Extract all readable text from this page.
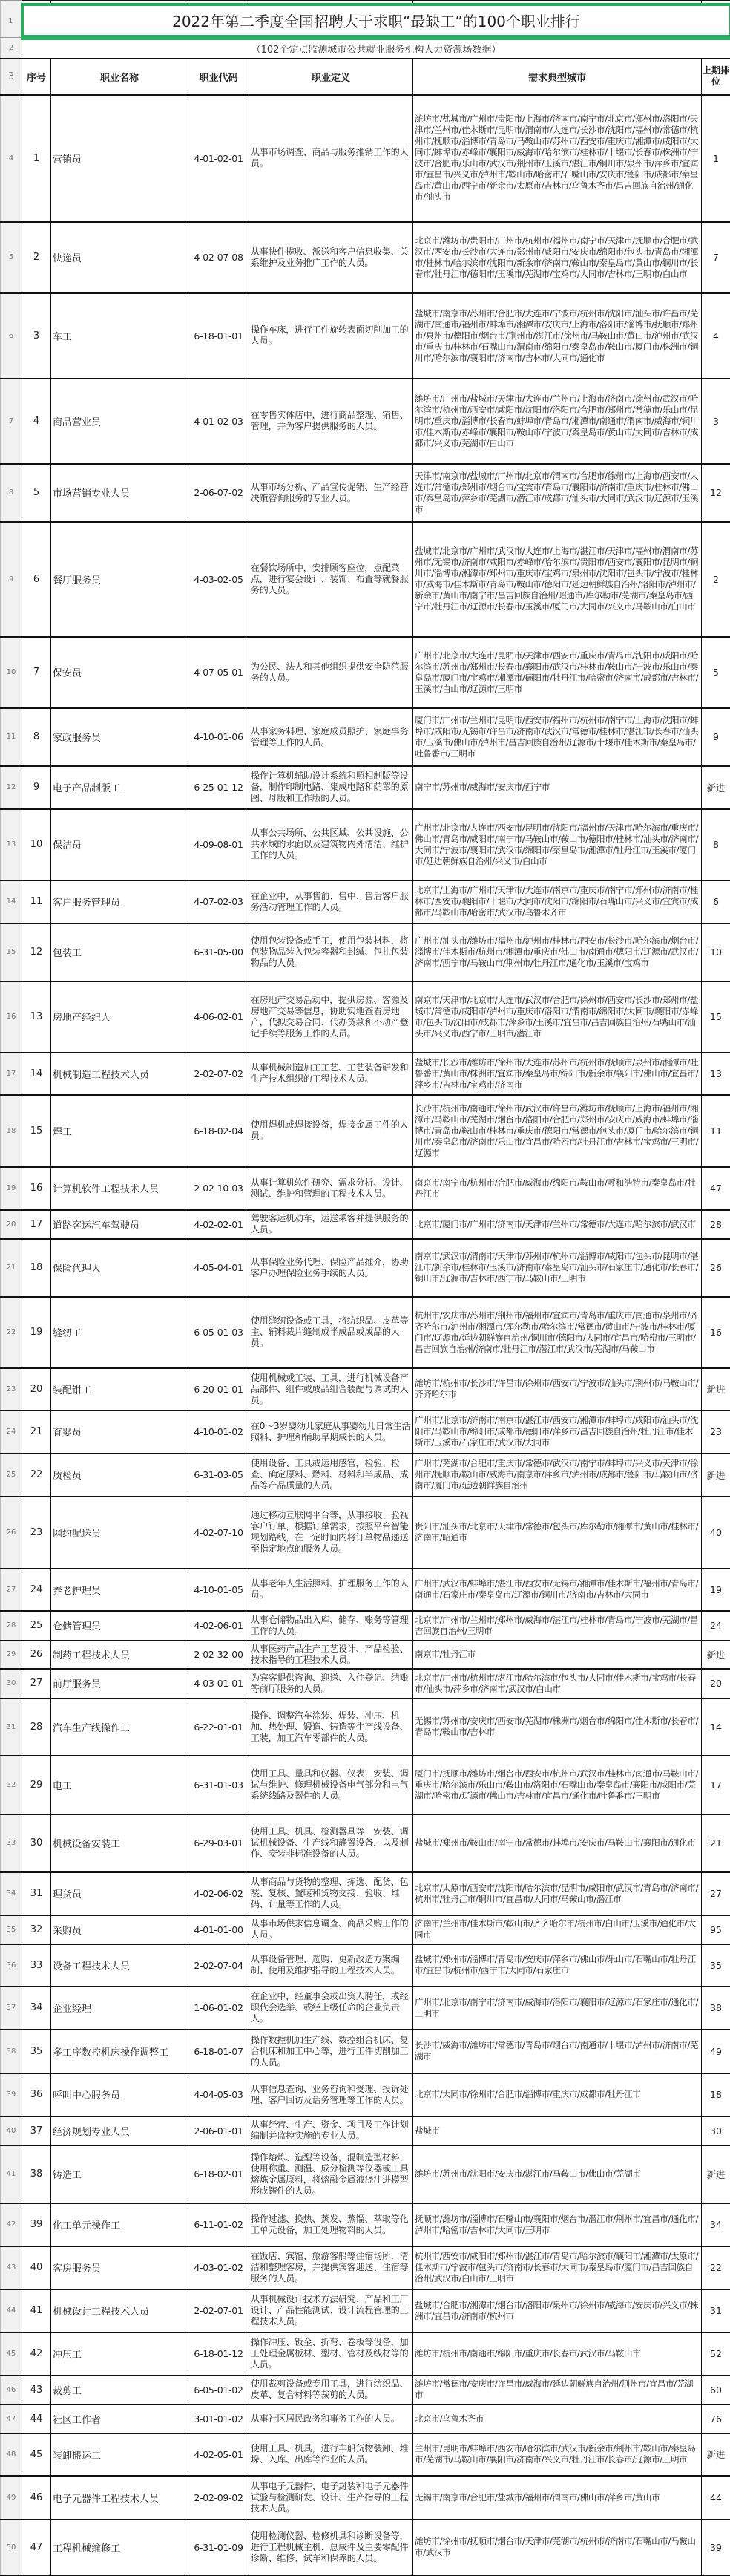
1	2022年第二季度全国招聘大于求职“最缺工”的100个职业排行					
2	（102个定点监测城市公共就业服务机构人力资源场数据）					
3	序号	职业名称	职业代码	职业定义	需求典型城市	上期排位
4	1	营销员	4-01-02-01	从事市场调查、商品与服务推销工作的人员。	潍坊市/盐城市/广州市/贵阳市/上海市/济南市/南宁市/北京市/郑州市/洛阳市/天津市/兰州市/佳木斯市/昆明市/渭南市/大连市/长沙市/沈阳市/福州市/常德市/杭州市/抚顺市/淄博市/青岛市/马鞍山市/苏州市/西安市/重庆市/湘潭市/咸阳市/大同市/蚌埠市/赤峰市/襄阳市/威海市/哈尔滨市/桂林市/十堰市/长春市/株洲市/宁波市/合肥市/乐山市/武汉市/荆州市/玉溪市/湛江市/铜川市/泉州市/萍乡市/宜宾市/宜昌市/兴义市/泸州市/鞍山市/哈密市/石嘴山市/安庆市/德阳市/成都市/秦皇岛市/黄山市/西宁市/新余市/太原市/吉林市/乌鲁木齐市/昌吉回族自治州/通化市/汕头市	1
5	2	快递员	4-02-07-08	从事快件揽收、派送和客户信息收集、关系维护及业务推广工作的人员。	北京市/潍坊市/贵阳市/广州市/杭州市/福州市/南宁市/天津市/抚顺市/合肥市/武汉市/西安市/长沙市/大连市/郑州市/咸阳市/安庆市/绵阳市/包头市/青岛市/湘潭市/桂林市/哈尔滨市/沈阳市/新余市/济南市/鞍山市/秦皇岛市/黄山市/铜川市/长春市/牡丹江市/德阳市/玉溪市/芜湖市/宝鸡市/大同市/吉林市/三明市/白山市	7
6	3	车工	6-18-01-01	操作车床，进行工件旋转表面切削加工的人员。	盐城市/南京市/苏州市/合肥市/大连市/宁波市/杭州市/沈阳市/汕头市/许昌市/芜湖市/南通市/福州市/蚌埠市/湘潭市/安庆市/上海市/洛阳市/淄博市/抚顺市/郑州市/泉州市/德阳市/烟台市/荆州市/湛江市/徐州市/马鞍山市/黄山市/泸州市/武汉市/重庆市/桂林市/石嘴山市/渭南市/绵阳市/秦皇岛市/鞍山市/厦门市/株洲市/铜川市/哈尔滨市/襄阳市/济南市/吉林市/大同市/通化市	4
7	4	商品营业员	4-01-02-03	在零售实体店中，进行商品整理、销售、管理，并为客户提供服务的人员。	潍坊市/广州市/盐城市/天津市/大连市/兰州市/上海市/济南市/徐州市/武汉市/哈尔滨市/杭州市/西安市/咸阳市/沈阳市/洛阳市/合肥市/郑州市/常德市/乐山市/昆明市/重庆市/淄博市/长春市/蚌埠市/青岛市/湘潭市/南通市/渭南市/威海市/铜川市/佳木斯市/赤峰市/襄阳市/鞍山市/宁波市/秦皇岛市/黄山市/大同市/吉林市/成都市/兴义市/芜湖市/白山市	3
8	5	市场营销专业人员	2-06-07-02	从事市场分析、产品宣传促销、生产经营决策咨询服务的专业人员。	天津市/南京市/盐城市/广州市/北京市/渭南市/合肥市/徐州市/上海市/西安市/大连市/常德市/郑州市/烟台市/宜宾市/青岛市/襄阳市/济南市/重庆市/桂林市/佛山市/秦皇岛市/萍乡市/芜湖市/潜江市/成都市/汕头市/大同市/武汉市/辽源市/玉溪市	12
9	6	餐厅服务员	4-03-02-05	在餐饮场所中，安排顾客座位，点配菜点，进行宴会设计、装饰、布置等就餐服务的人员。	盐城市/北京市/广州市/武汉市/大连市/上海市/湛江市/天津市/福州市/渭南市/苏州市/无锡市/济南市/咸阳市/赤峰市/哈尔滨市/贵阳市/西安市/襄阳市/昆明市/铜川市/淄博市/湘潭市/郑州市/重庆市/宝鸡市/泉州市/沈阳市/包头市/宁波市/桂林市/威海市/佳木斯市/青岛市/鞍山市/德阳市/延边朝鲜族自治州/洛阳市/泸州市/新余市/黄山市/南宁市/昌吉回族自治州/昭通市/库尔勒市/芜湖市/秦皇岛市/西宁市/牡丹江市/辽源市/长春市/玉溪市/厦门市/大同市/兴义市/马鞍山市/白山市	2
10	7	保安员	4-07-05-01	为公民、法人和其他组织提供安全防范服务的人员。	广州市/北京市/大连市/昆明市/天津市/西安市/重庆市/青岛市/沈阳市/咸阳市/哈尔滨市/苏州市/郑州市/长春市/襄阳市/武汉市/桂林市/鞍山市/宁波市/乐山市/秦皇岛市/厦门市/宝鸡市/湘潭市/德阳市/牡丹江市/哈密市/济南市/成都市/吉林市/玉溪市/白山市/辽源市/三明市	5
11	8	家政服务员	4-10-01-06	从事家务料理、家庭成员照护、家庭事务管理等工作的人员。	厦门市/广州市/兰州市/昆明市/西安市/福州市/杭州市/南宁市/上海市/沈阳市/蚌埠市/咸阳市/无锡市/许昌市/济南市/武汉市/常德市/桂林市/湛江市/长春市/汕头市/玉溪市/佛山市/泸州市/昌吉回族自治州/辽源市/十堰市/佳木斯市/秦皇岛市/吐鲁番市/三明市	9
12	9	电子产品制版工	6-25-01-12	操作计算机辅助设计系统和照相制版等设备，制作印制电路、集成电路和荫罩的原图、母版和工作版的人员。	南宁市/苏州市/威海市/安庆市/西宁市	新进
13	10	保洁员	4-09-08-01	从事公共场所、公共区域、公共设施、公共水域的水面以及建筑物内外清洁、维护工作的人员。	广州市/北京市/大连市/西安市/昆明市/沈阳市/福州市/天津市/哈尔滨市/重庆市/佛山市/青岛市/咸阳市/南宁市/马鞍山市/鞍山市/德阳市/桂林市/汕头市/济南市/大同市/宁波市/襄阳市/武汉市/绵阳市/秦皇岛市/湘潭市/牡丹江市/玉溪市/厦门市/延边朝鲜族自治州/兴义市/白山市	8
14	11	客户服务管理员	4-07-02-03	在企业中，从事售前、售中、售后客户服务活动管理工作的人员。	北京市/上海市/广州市/天津市/大连市/南京市/重庆市/南宁市/郑州市/济南市/桂林市/西安市/襄阳市/十堰市/大同市/沈阳市/绵阳市/石嘴山市/兴义市/宜宾市/成都市/马鞍山市/哈密市/武汉市/乌鲁木齐市	6
15	12	包装工	6-31-05-00	使用包装设备或手工，使用包装材料，将包装物品装入包装容器和封缄、包扎包装物品的人员。	广州市/汕头市/潍坊市/福州市/泸州市/桂林市/西安市/长沙市/哈尔滨市/烟台市/淄博市/佳木斯市/杭州市/湘潭市/重庆市/佛山市/南通市/德阳市/辽源市/武汉市/济南市/西宁市/马鞍山市/荆州市/牡丹江市/通化市/玉溪市/宝鸡市	10
16	13	房地产经纪人	4-06-02-01	在房地产交易活动中，提供房源、客源及房地产交易等信息，协助实地查看房地产，代拟交易合同、代办贷款和不动产登记手续等服务工作的人员。	南京市/天津市/北京市/大连市/武汉市/合肥市/徐州市/西安市/长沙市/郑州市/盐城市/常德市/咸阳市/泸州市/重庆市/洛阳市/渭南市/绵阳市/大同市/襄阳市/赤峰市/包头市/沈阳市/成都市/萍乡市/玉溪市/宜昌市/昌吉回族自治州/石嘴山市/汕头市/兴义市/西宁市/三明市/潜江市	15
17	14	机械制造工程技术人员	2-02-07-02	从事机械制造加工工艺、工艺装备研发和生产技术组织的工程技术人员。	盐城市/长沙市/潍坊市/徐州市/大连市/苏州市/杭州市/抚顺市/泉州市/湘潭市/吐鲁番市/黄山市/株洲市/宜宾市/秦皇岛市/绵阳市/新余市/襄阳市/佛山市/宜昌市/萍乡市/吉林市/宝鸡市/济南市	13
18	15	焊工	6-18-02-04	使用焊机或焊接设备，焊接金属工件的人员。	长沙市/杭州市/南通市/徐州市/武汉市/许昌市/潍坊市/抚顺市/上海市/福州市/湘潭市/马鞍山市/芜湖市/烟台市/洛阳市/合肥市/郑州市/安庆市/威海市/蚌埠市/淄博市/青岛市/鞍山市/桂林市/重庆市/德阳市/常德市/包头市/厦门市/哈尔滨市/铜川市/秦皇岛市/济南市/乐山市/宜昌市/哈密市/牡丹江市/吉林市/宝鸡市/三明市/辽源市	11
19	16	计算机软件工程技术人员	2-02-10-03	从事计算机软件研究、需求分析、设计、测试、维护和管理的工程技术人员。	南京市/南宁市/杭州市/合肥市/威海市/绵阳市/鞍山市/呼和浩特市/秦皇岛市/牡丹江市	47
20	17	道路客运汽车驾驶员	4-02-02-01	驾驶客运机动车，运送乘客并提供服务的人员。	北京市/厦门市/广州市/济南市/天津市/兰州市/常德市/大连市/哈尔滨市/武汉市	28
21	18	保险代理人	4-05-04-01	从事保险业务代理、保险产品推介，协助客户办理保险业务手续的人员。	南京市/武汉市/渭南市/天津市/苏州市/杭州市/淄博市/咸阳市/包头市/昆明市/湛江市/新余市/桂林市/玉溪市/济南市/秦皇岛市/汕头市/石家庄市/通化市/长春市/铜川市/辽源市/吉林市/西宁市/马鞍山市/三明市	26
22	19	缝纫工	6-05-01-03	使用缝纫设备或工具，将纺织品、皮革等主、辅料裁片缝制成半成品或成品的人员。	杭州市/安庆市/苏州市/荆州市/福州市/宜宾市/青岛市/重庆市/南通市/泉州市/齐齐哈尔市/泸州市/湘潭市/库尔勒市/哈尔滨市/常德市/黄山市/宁波市/桂林市/厦门市/辽源市/延边朝鲜族自治州/铜川市/德阳市/大同市/宜昌市/哈密市/三明市/昌吉回族自治州/济南市/牡丹江市/潜江市/武汉市/芜湖市/马鞍山市	16
23	20	装配钳工	6-20-01-01	使用机械或工装、工具，进行机械设备产品部件、组件或成品组合装配与调试的人员。	潍坊市/杭州市/长沙市/许昌市/徐州市/西安市/宁波市/汕头市/荆州市/马鞍山市/齐齐哈尔市	新进
24	21	育婴员	4-10-01-02	在0～3岁婴幼儿家庭从事婴幼儿日常生活照料、护理和辅助早期成长的人员。	广州市/北京市/济南市/南京市/湛江市/西安市/湘潭市/蚌埠市/咸阳市/汕头市/沈阳市/马鞍山市/绵阳市/成都市/德阳市/萍乡市/昌吉回族自治州/牡丹江市/佳木斯市/玉溪市/石家庄市/武汉市/大同市	23
25	22	质检员	6-31-03-05	使用设备、工具或运用感官，检验、检查、确定原料、燃料、材料和半成品、成品等产品质量的人员。	广州市/芜湖市/合肥市/重庆市/常德市/武汉市/南宁市/蚌埠市/兴义市/天津市/徐州市/抚顺市/鞍山市/威海市/南京市/萍乡市/泸州市/成都市/德阳市/马鞍山市/济南市/厦门市/延边朝鲜族自治州	新进
26	23	网约配送员	4-02-07-10	通过移动互联网平台等，从事接收、验视客户订单，根据订单需求，按照平台智能规划路线，在一定时间内将订单物品递送至指定地点的服务人员。	贵阳市/汕头市/北京市/天津市/常德市/包头市/库尔勒市/湘潭市/黄山市/桂林市/济南市/昭通市	40
27	24	养老护理员	4-10-01-05	从事老年人生活照料、护理服务工作的人员。	广州市/武汉市/蚌埠市/湛江市/西安市/无锡市/湘潭市/佳木斯市/福州市/青岛市/南通市/石家庄市/秦皇岛市/辽源市/铜川市/济南市/吉林市/大同市	19
28	25	仓储管理员	4-02-06-01	从事仓储物品出入库、储存、账务等管理工作的人员。	北京市/广州市/兰州市/郑州市/威海市/湛江市/桂林市/青岛市/宁波市/芜湖市/昌吉回族自治州/三明市	24
29	26	制药工程技术人员	2-02-32-00	从事医药产品生产工艺设计、产品检验、技术指导的工程技术人员。	南京市/牡丹江市	新进
30	27	前厅服务员	4-03-01-01	为宾客提供咨询、迎送、入住登记、结账等前厅服务的人员。	北京市/广州市/杭州市/湛江市/哈尔滨市/包头市/大同市/佳木斯市/宝鸡市/长春市/汕头市/萍乡市/济南市/武汉市/白山市	20
31	28	汽车生产线操作工	6-22-01-01	操作、调整汽车涂装、焊装、冲压、机加、热处理、锻造、铸造等生产线设备、工装，加工汽车零部件的人员。	无锡市/苏州市/安庆市/西安市/芜湖市/株洲市/烟台市/绵阳市/佳木斯市/长春市/青岛市/鞍山市/吉林市	14
32	29	电工	6-31-01-03	使用工具、量具和仪器、仪表，安装、调试与维护、修理机械设备电气部分和电气系统线路及器件的人员。	厦门市/抚顺市/潍坊市/烟台市/西安市/杭州市/武汉市/桂林市/南通市/马鞍山市/重庆市/哈尔滨市/乐山市/鞍山市/洛阳市/石嘴山市/秦皇岛市/襄阳市/咸阳市/芜湖市/哈密市/辽源市/佛山市/吉林市/宜昌市/通化市/吐鲁番市/三明市	17
33	30	机械设备安装工	6-29-03-01	使用工具、机具、检测器具等，安装、调试机械设备、生产线和静置设备，以及制作、安装非标准设备的人员。	盐城市/郑州市/鞍山市/南宁市/常德市/蚌埠市/安庆市/马鞍山市/襄阳市/通化市	21
34	31	理货员	4-02-06-02	从事商品与货物的整理、拣选、配货、包装、复核、置唛和货物交接、验收、堆码、计量等工作的人员。	北京市/太原市/西安市/沈阳市/哈尔滨市/昆明市/咸阳市/武汉市/青岛市/济南市/杭州市/牡丹江市/铜川市/宜昌市/大同市/马鞍山市/潜江市	27
35	32	采购员	4-01-01-00	从事市场供求信息调查、商品采购工作的人员。	济南市/兰州市/佳木斯市/鞍山市/齐齐哈尔市/杭州市/白山市/玉溪市/通化市/大同市	95
36	33	设备工程技术人员	2-02-07-04	从事设备管理、选购、更新改造方案编制、使用及维护指导的工程技术人员。	盐城市/郑州市/淄博市/青岛市/安庆市/萍乡市/佛山市/乐山市/石嘴山市/牡丹江市/宜昌市/杭州市/西宁市/大同市/石家庄市	35
37	34	企业经理	1-06-01-02	在企业中，经董事会或出资人聘任，或经职代会选举、或经上级任命的企业负责人。	广州市/北京市/南宁市/济南市/威海市/洛阳市/襄阳市/辽源市/石家庄市/通化市/三明市	38
38	35	多工序数控机床操作调整工	6-18-01-07	操作数控机加生产线、数控组合机床、复合机床和加工中心等，进行工件切削加工的人员。	长沙市/威海市/潍坊市/常德市/青岛市/烟台市/南通市/十堰市/泸州市/济南市/芜湖市	49
39	36	呼叫中心服务员	4-04-05-03	从事信息查询、业务咨询和受理、投诉处理、客户回访及话务管理等工作的人员。	北京市/大同市/徐州市/合肥市/淄博市/重庆市/成都市/牡丹江市	18
40	37	经济规划专业人员	2-06-01-01	从事经营、生产、资金、项目及工作计划编制并监控实施的专业人员。	盐城市	30
41	38	铸造工	6-18-02-01	操作熔炼、造型等设备，混制造型材料，使用称重、测温、成分检测等仪器或工具熔炼金属原料，将熔融金属液浇注进模型形成铸件的人员。	潍坊市/苏州市/沈阳市/安庆市/湛江市/马鞍山市/佛山市/芜湖市	新进
42	39	化工单元操作工	6-11-01-02	操作过滤、换热、蒸发、蒸馏、萃取等化工单元设备，加工处理物料的人员。	抚顺市/潍坊市/淄博市/石嘴山市/襄阳市/烟台市/潜江市/荆州市/宜昌市/通化市/泸州市/哈密市/吉林市/大同市/三明市	34
43	40	客房服务员	4-03-01-02	在饭店、宾馆、旅游客船等住宿场所，清洁和整理客房，并提供宾客迎送、住宿等服务的人员。	杭州市/西安市/咸阳市/郑州市/湛江市/青岛市/哈尔滨市/襄阳市/湘潭市/太原市/佳木斯市/宁波市/包头市/济南市/长春市/大同市/秦皇岛市/厦门市/昌吉回族自治州/武汉市/白山市/三明市	22
44	41	机械设计工程技术人员	2-02-07-01	从事机械设计技术方法研究、产品和工厂设计、产品性能测试、设计流程管理的工程技术人员。	盐城市/合肥市/湘潭市/烟台市/洛阳市/泉州市/徐州市/威海市/安庆市/兴义市/株洲市/宜昌市/济南市/杭州市	31
45	42	冲压工	6-18-01-12	操作冲压、钣金、折弯、卷板等设备，加工处理金属板材、型材、管材及线材等的人员。	潍坊市/杭州市/南通市/绵阳市/重庆市/长春市/武汉市/马鞍山市	52
46	43	裁剪工	6-05-01-02	使用裁剪设备或专用工具，进行纺织品、皮革、复合材料等裁剪的人员。	潍坊市/常德市/安庆市/许昌市/威海市/延边朝鲜族自治州/荆州市/宜昌市/芜湖市	60
47	44	社区工作者	3-01-01-02	从事社区居民政务和事务工作的人员。	北京市/乌鲁木齐市	76
48	45	装卸搬运工	4-02-05-01	使用工具、机具，进行车船货物装卸、堆垛、入库、出库等作业的人员。	兰州市/昆明市/蚌埠市/西安市/哈尔滨市/武汉市/新余市/荆州市/鞍山市/秦皇岛市/芜湖市/马鞍山市/襄阳市/济南市/兴义市/牡丹江市/长春市/辽源市/三明市	新进
49	46	电子元器件工程技术人员	2-02-09-02	从事电子元器件、电子封装和电子元器件试验与检测研发、设计、生产指导的工程技术人员。	无锡市/南京市/合肥市/盐城市/福州市/渭南市/佛山市/萍乡市/黄山市	44
50	47	工程机械维修工	6-31-01-09	使用检测仪器、检修机具和诊断设备等，进行工程机械主机、总成件及主要零配件诊断、维修、试车和保养的人员。	潍坊市/徐州市/抚顺市/烟台市/天津市/芜湖市/杭州市/济南市/石嘴山市/马鞍山市/武汉市	39
